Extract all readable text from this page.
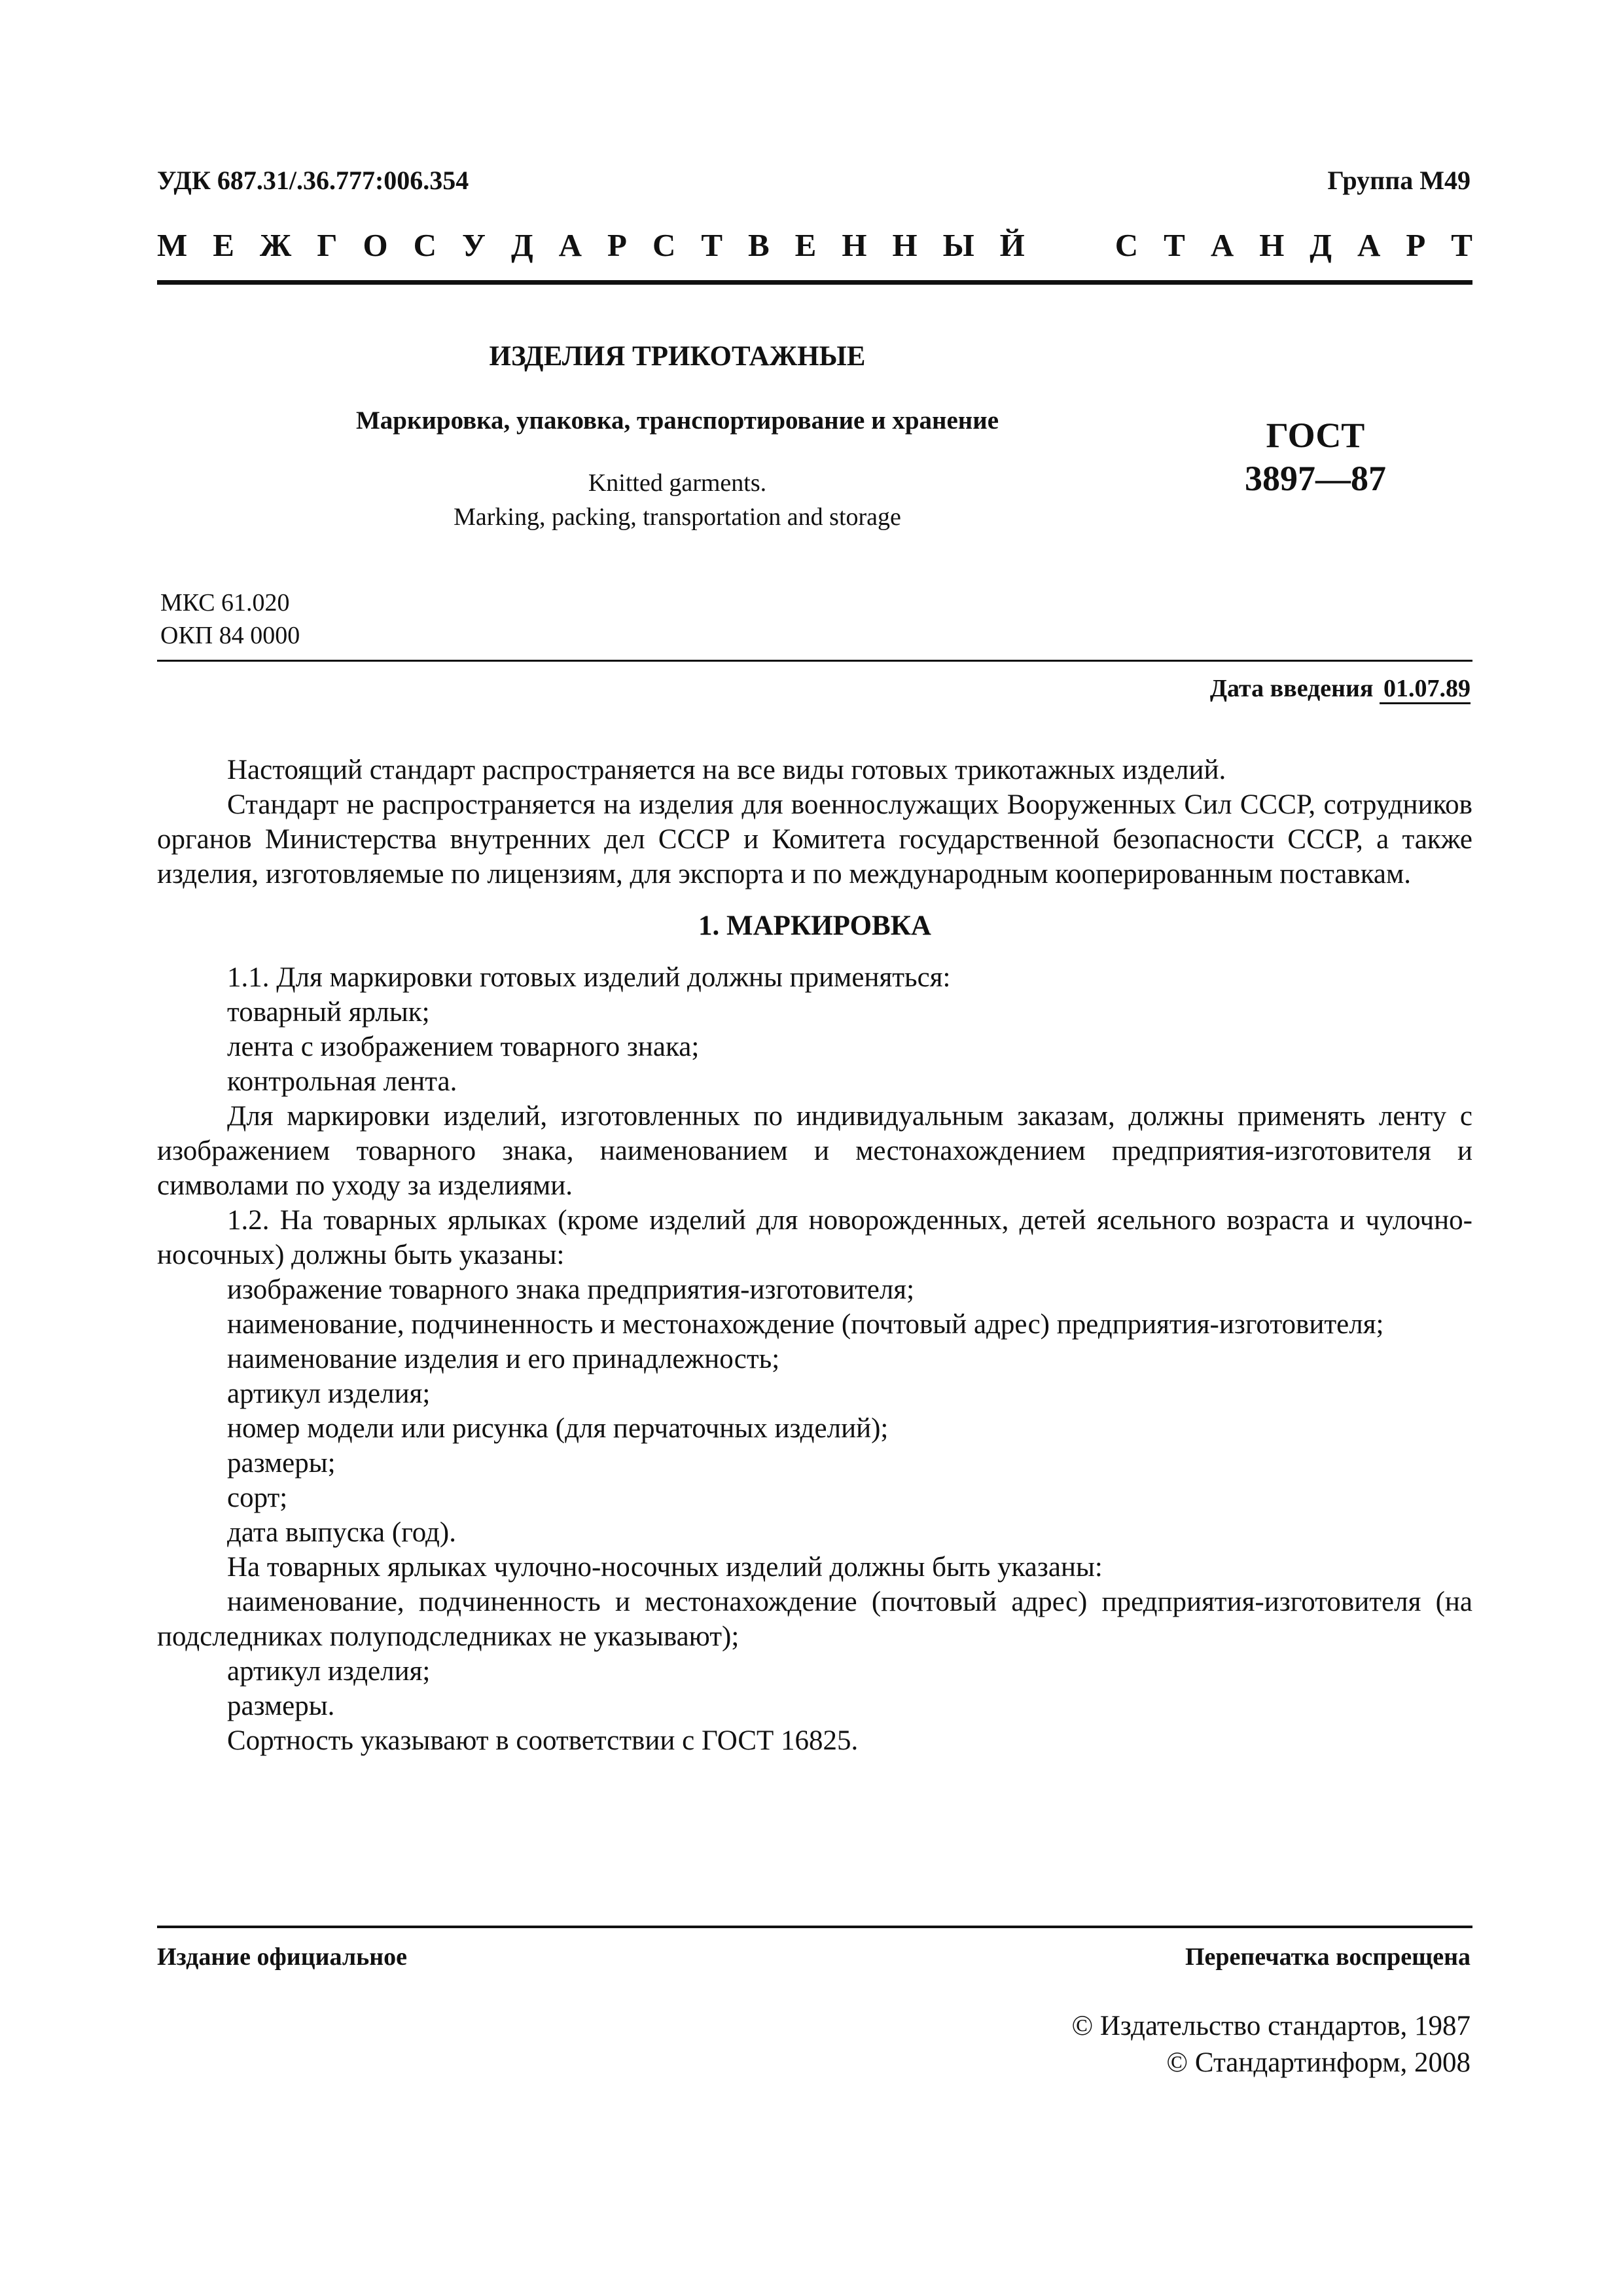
УДК 687.31/.36.777:006.354	Группа М49
М Е Ж Г О С У Д А Р С Т В Е Н Н Ы Й	С Т А Н Д А Р Т
ИЗДЕЛИЯ ТРИКОТАЖНЫЕ
Маркировка, упаковка, транспортирование и хранение
Knitted garments.
Marking, packing, transportation and storage
ГОСТ
3897—87
МКС 61.020
ОКП 84 0000
Дата введения 01.07.89

Настоящий стандарт распространяется на все виды готовых трикотажных изделий.

Стандарт не распространяется на изделия для военнослужащих Вооруженных Сил СССР, сотрудников органов Министерства внутренних дел СССР и Комитета государственной безопасности СССР, а также изделия, изготовляемые по лицензиям, для экспорта и по международным кооперированным поставкам.

1. МАРКИРОВКА

1.1. Для маркировки готовых изделий должны применяться:

товарный ярлык;

лента с изображением товарного знака;

контрольная лента.

Для маркировки изделий, изготовленных по индивидуальным заказам, должны применять ленту с изображением товарного знака, наименованием и местонахождением предприятия-изготовителя и символами по уходу за изделиями.

1.2. На товарных ярлыках (кроме изделий для новорожденных, детей ясельного возраста и чулочно-носочных) должны быть указаны:

изображение товарного знака предприятия-изготовителя;

наименование, подчиненность и местонахождение (почтовый адрес) предприятия-изготовителя;

наименование изделия и его принадлежность;

артикул изделия;

номер модели или рисунка (для перчаточных изделий);

размеры;

сорт;

дата выпуска (год).

На товарных ярлыках чулочно-носочных изделий должны быть указаны:

наименование, подчиненность и местонахождение (почтовый адрес) предприятия-изготовителя (на подследниках полуподследниках не указывают);

артикул изделия;

размеры.

Сортность указывают в соответствии с ГОСТ 16825.

Издание официальное	Перепечатка воспрещена
© Издательство стандартов, 1987
© Стандартинформ, 2008
